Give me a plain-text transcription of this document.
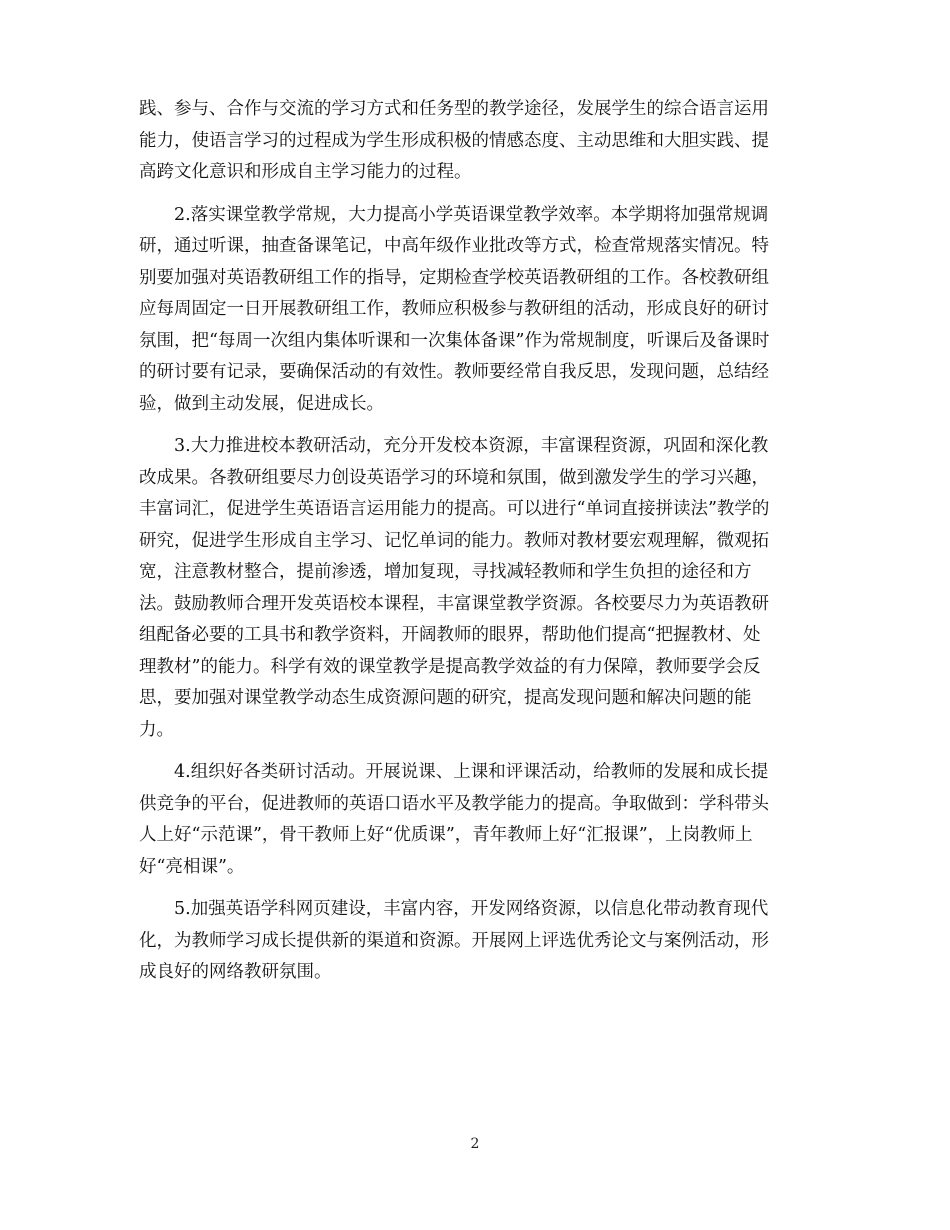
践、参与、合作与交流的学习方式和任务型的教学途径，发展学生的综合语言运用
能力，使语言学习的过程成为学生形成积极的情感态度、主动思维和大胆实践、提
高跨文化意识和形成自主学习能力的过程。

2.落实课堂教学常规，大力提高小学英语课堂教学效率。本学期将加强常规调
研，通过听课，抽查备课笔记，中高年级作业批改等方式，检查常规落实情况。特
别要加强对英语教研组工作的指导，定期检查学校英语教研组的工作。各校教研组
应每周固定一日开展教研组工作，教师应积极参与教研组的活动，形成良好的研讨
氛围，把“每周一次组内集体听课和一次集体备课”作为常规制度，听课后及备课时
的研讨要有记录，要确保活动的有效性。教师要经常自我反思，发现问题，总结经
验，做到主动发展，促进成长。

3.大力推进校本教研活动，充分开发校本资源，丰富课程资源，巩固和深化教
改成果。各教研组要尽力创设英语学习的环境和氛围，做到激发学生的学习兴趣，
丰富词汇，促进学生英语语言运用能力的提高。可以进行“单词直接拼读法”教学的
研究，促进学生形成自主学习、记忆单词的能力。教师对教材要宏观理解，微观拓
宽，注意教材整合，提前渗透，增加复现，寻找减轻教师和学生负担的途径和方
法。鼓励教师合理开发英语校本课程，丰富课堂教学资源。各校要尽力为英语教研
组配备必要的工具书和教学资料，开阔教师的眼界，帮助他们提高“把握教材、处
理教材”的能力。科学有效的课堂教学是提高教学效益的有力保障，教师要学会反
思，要加强对课堂教学动态生成资源问题的研究，提高发现问题和解决问题的能
力。

4.组织好各类研讨活动。开展说课、上课和评课活动，给教师的发展和成长提
供竞争的平台，促进教师的英语口语水平及教学能力的提高。争取做到：学科带头
人上好“示范课”，骨干教师上好“优质课”，青年教师上好“汇报课”，上岗教师上
好“亮相课”。

5.加强英语学科网页建设，丰富内容，开发网络资源，以信息化带动教育现代
化，为教师学习成长提供新的渠道和资源。开展网上评选优秀论文与案例活动，形
成良好的网络教研氛围。

2
